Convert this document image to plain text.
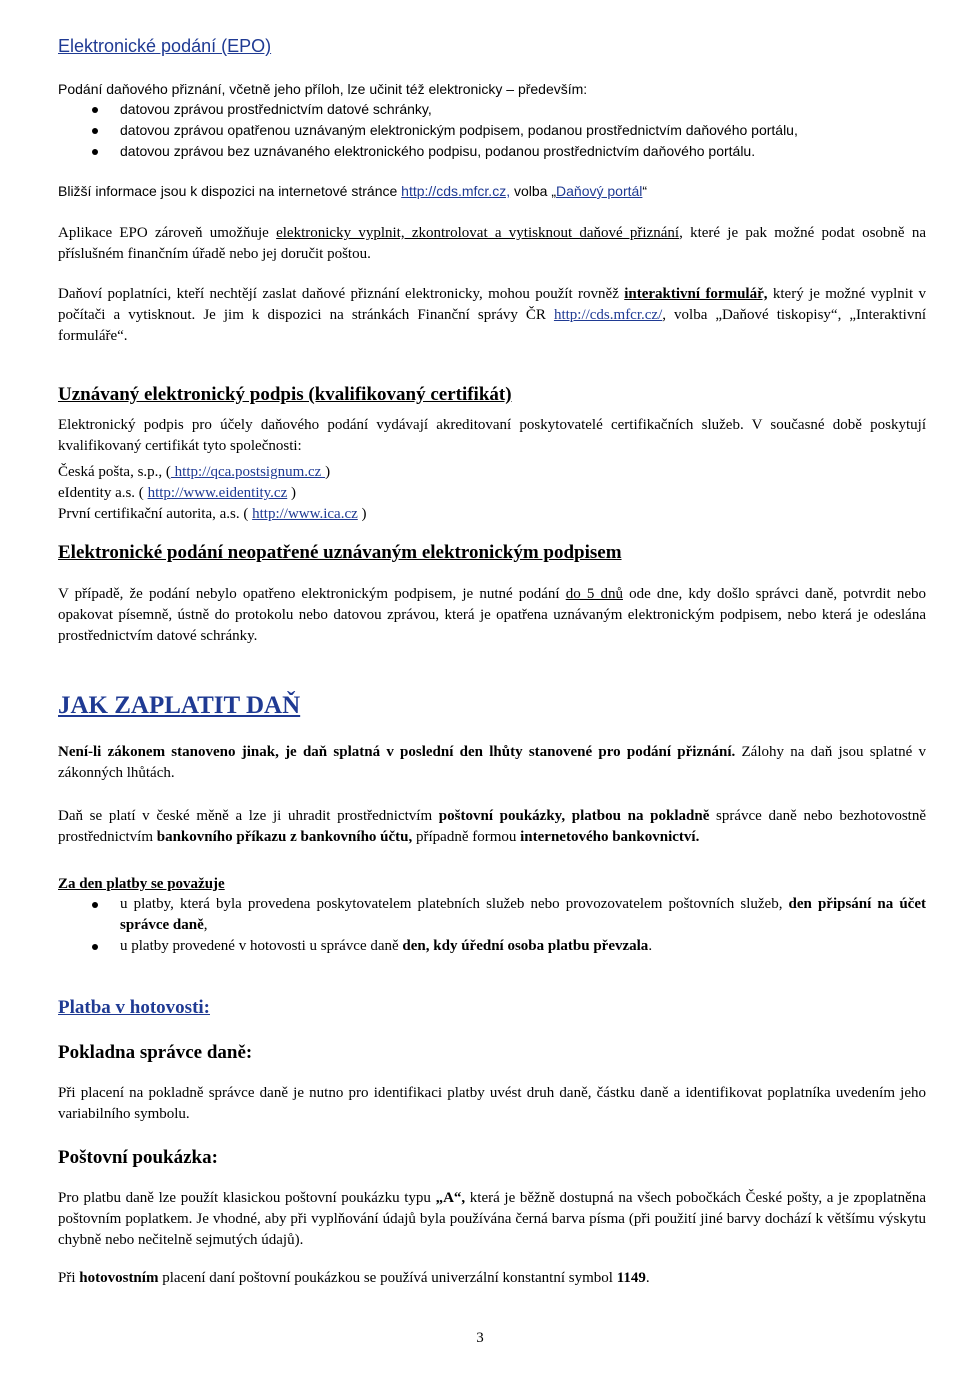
Elektronické podání (EPO)
Podání daňového přiznání, včetně jeho příloh, lze učinit též elektronicky – především:
datovou zprávou prostřednictvím datové schránky,
datovou zprávou opatřenou uznávaným elektronickým podpisem, podanou prostřednictvím daňového portálu,
datovou zprávou bez uznávaného elektronického podpisu, podanou prostřednictvím daňového portálu.
Bližší informace jsou k dispozici na internetové stránce http://cds.mfcr.cz, volba „Daňový portál“
Aplikace EPO zároveň umožňuje elektronicky vyplnit, zkontrolovat a vytisknout daňové přiznání, které je pak možné podat osobně na příslušném finančním úřadě nebo jej doručit poštou.
Daňoví poplatníci, kteří nechtějí zaslat daňové přiznání elektronicky, mohou použít rovněž interaktivní formulář, který je možné vyplnit v počítači a vytisknout. Je jim k dispozici na stránkách Finanční správy ČR http://cds.mfcr.cz/, volba „Daňové tiskopisy“, „Interaktivní formuláře“.
Uznávaný elektronický podpis (kvalifikovaný certifikát)
Elektronický podpis pro účely daňového podání vydávají akreditovaní poskytovatelé certifikačních služeb. V současné době poskytují kvalifikovaný certifikát tyto společnosti:
Česká pošta, s.p., ( http://qca.postsignum.cz )
eIdentity a.s. ( http://www.eidentity.cz )
První certifikační autorita, a.s. ( http://www.ica.cz )
Elektronické podání neopatřené uznávaným elektronickým podpisem
V případě, že podání nebylo opatřeno elektronickým podpisem, je nutné podání do 5 dnů ode dne, kdy došlo správci daně, potvrdit nebo opakovat písemně, ústně do protokolu nebo datovou zprávou, která je opatřena uznávaným elektronickým podpisem, nebo která je odeslána prostřednictvím datové schránky.
JAK ZAPLATIT DAŇ
Není-li zákonem stanoveno jinak, je daň splatná v poslední den lhůty stanovené pro podání přiznání. Zálohy na daň jsou splatné v zákonných lhůtách.
Daň se platí v české měně a lze ji uhradit prostřednictvím poštovní poukázky, platbou na pokladně správce daně nebo bezhotovostně prostřednictvím bankovního příkazu z bankovního účtu, případně formou internetového bankovnictví.
Za den platby se považuje
u platby, která byla provedena poskytovatelem platebních služeb nebo provozovatelem poštovních služeb, den připsání na účet správce daně,
u platby provedené v hotovosti u správce daně den, kdy úřední osoba platbu převzala.
Platba v hotovosti:
Pokladna správce daně:
Při placení na pokladně správce daně je nutno pro identifikaci platby uvést druh daně, částku daně a identifikovat poplatníka uvedením jeho variabilního symbolu.
Poštovní poukázka:
Pro platbu daně lze použít klasickou poštovní poukázku typu „A“, která je běžně dostupná na všech pobočkách České pošty, a je zpoplatněna poštovním poplatkem. Je vhodné, aby při vyplňování údajů byla používána černá barva písma (při použití jiné barvy dochází k většímu výskytu chybně nebo nečitelně sejmutých údajů).
Při hotovostním placení daní poštovní poukázkou se používá univerzální konstantní symbol 1149.
3
